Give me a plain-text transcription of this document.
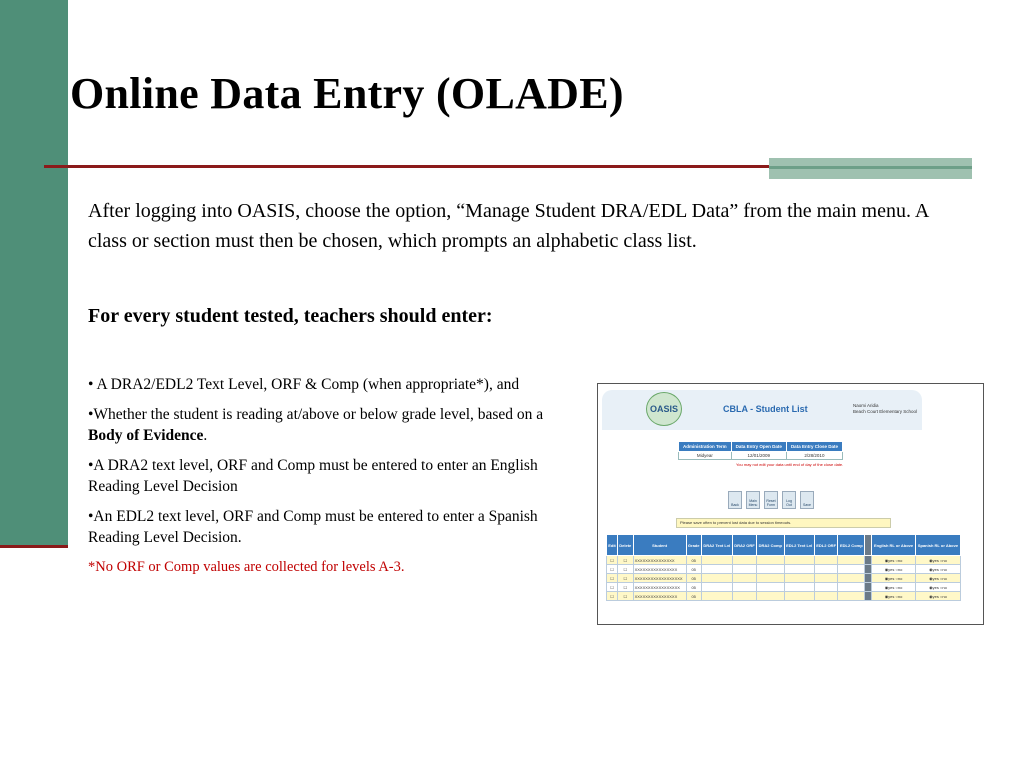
Online Data Entry (OLADE)
After logging into OASIS, choose the option, “Manage Student DRA/EDL Data” from the main menu. A class or section must then be chosen, which prompts an alphabetic class list.
For every student tested, teachers should enter:

• A DRA2/EDL2 Text Level, ORF & Comp (when appropriate*), and

•Whether the student is reading at/above or below grade level, based on a Body of Evidence.

•A DRA2 text level, ORF and Comp must be entered to enter an English Reading Level Decision

•An EDL2 text level, ORF and Comp must be entered to enter a Spanish Reading Level Decision.

*No ORF or Comp values are collected for levels A-3.

OASIS	CBLA - Student List	Naomi Aridia
Beach Court Elementary School
Administration Term	Data Entry Open Date	Data Entry Close Date
Midyear	12/01/2009	2/28/2010
You may not edit your data until end of day of the close date.
Back
Main Menu
Reset Form
Log Out	Save
Please save often to prevent lost data due to session timeouts.
Edit	Delete	Student	Grade	DRA2 Text Lvl	DRA2 ORF	DRA2 Comp	EDL2 Text Lvl	EDL2 ORF	EDL2 Comp		English RL or Above	Spanish RL or Above
☐	☐	XXXXXXXXXXXXXXX	05								◉yes ○no	◉yes ○no
☐	☐	XXXXXXXXXXXXXXXX	05								◉yes ○no	◉yes ○no
☐	☐	XXXXXXXXXXXXXXXXXX	05								◉yes ○no	◉yes ○no
☐	☐	XXXXXXXXXXXXXXXXX	05								◉yes ○no	◉yes ○no
☐	☐	XXXXXXXXXXXXXXXX	05								◉yes ○no	◉yes ○no
